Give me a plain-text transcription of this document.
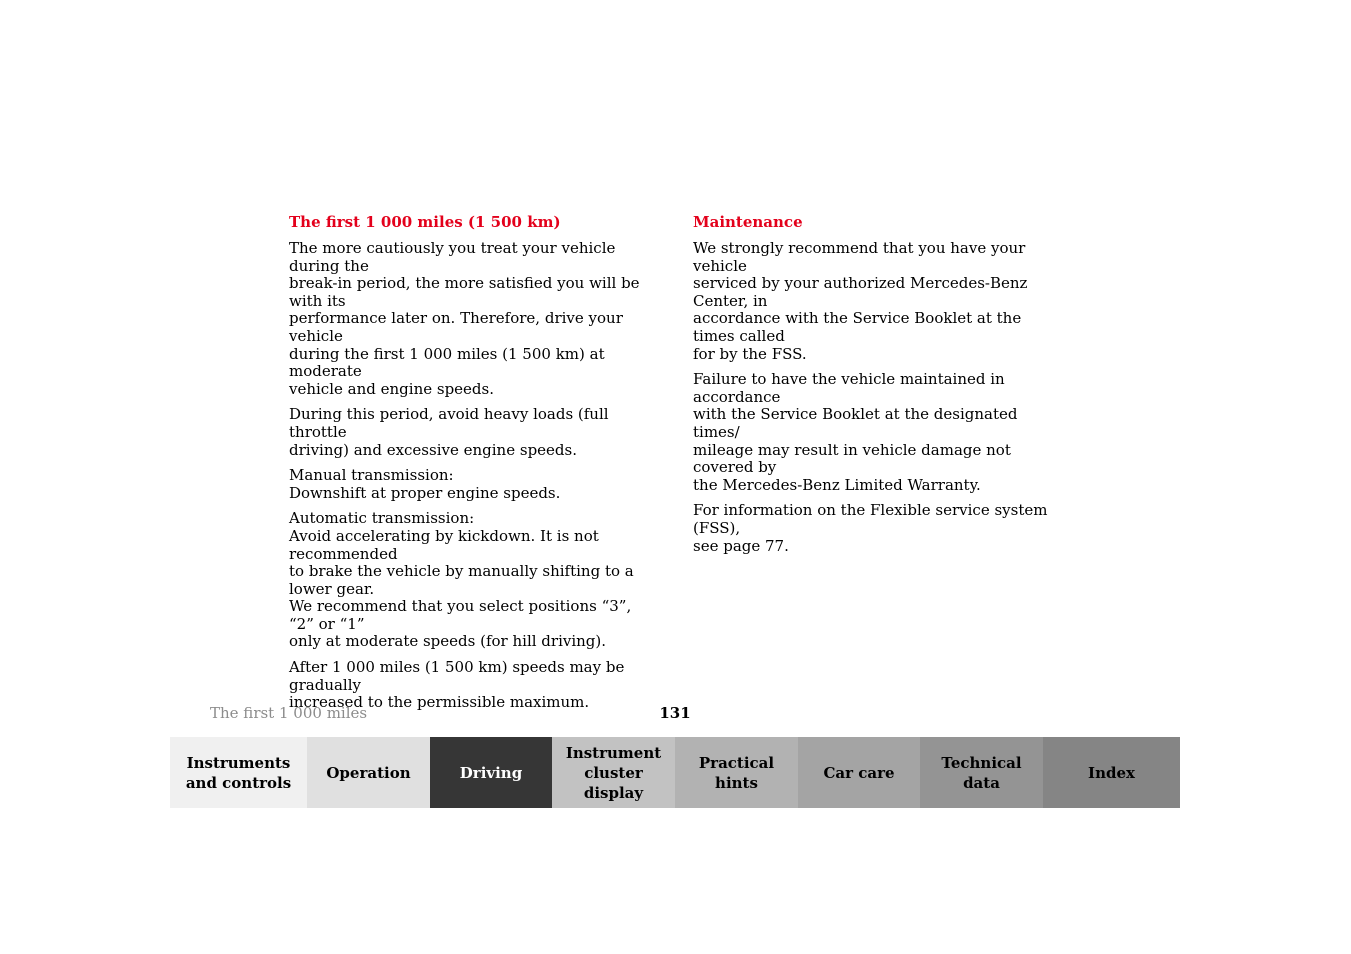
The first 1 000 miles (1 500 km)

The more cautiously you treat your vehicle during the
break-in period, the more satisfied you will be with its
performance later on. Therefore, drive your vehicle
during the first 1 000 miles (1 500 km) at moderate
vehicle and engine speeds.

During this period, avoid heavy loads (full throttle
driving) and excessive engine speeds.

Manual transmission:
Downshift at proper engine speeds.

Automatic transmission:
Avoid accelerating by kickdown. It is not recommended
to brake the vehicle by manually shifting to a lower gear.
We recommend that you select positions “3”, “2” or “1”
only at moderate speeds (for hill driving).

After 1 000 miles (1 500 km) speeds may be gradually
increased to the permissible maximum.

Maintenance

We strongly recommend that you have your vehicle
serviced by your authorized Mercedes-Benz Center, in
accordance with the Service Booklet at the times called
for by the FSS.

Failure to have the vehicle maintained in accordance
with the Service Booklet at the designated times/
mileage may result in vehicle damage not covered by
the Mercedes-Benz Limited Warranty.

For information on the Flexible service system (FSS),
see page 77.

The first 1 000 miles	131
Instruments
and controls
Operation	Driving
Instrument
cluster display
Practical hints
Car care
Technical
data
Index
